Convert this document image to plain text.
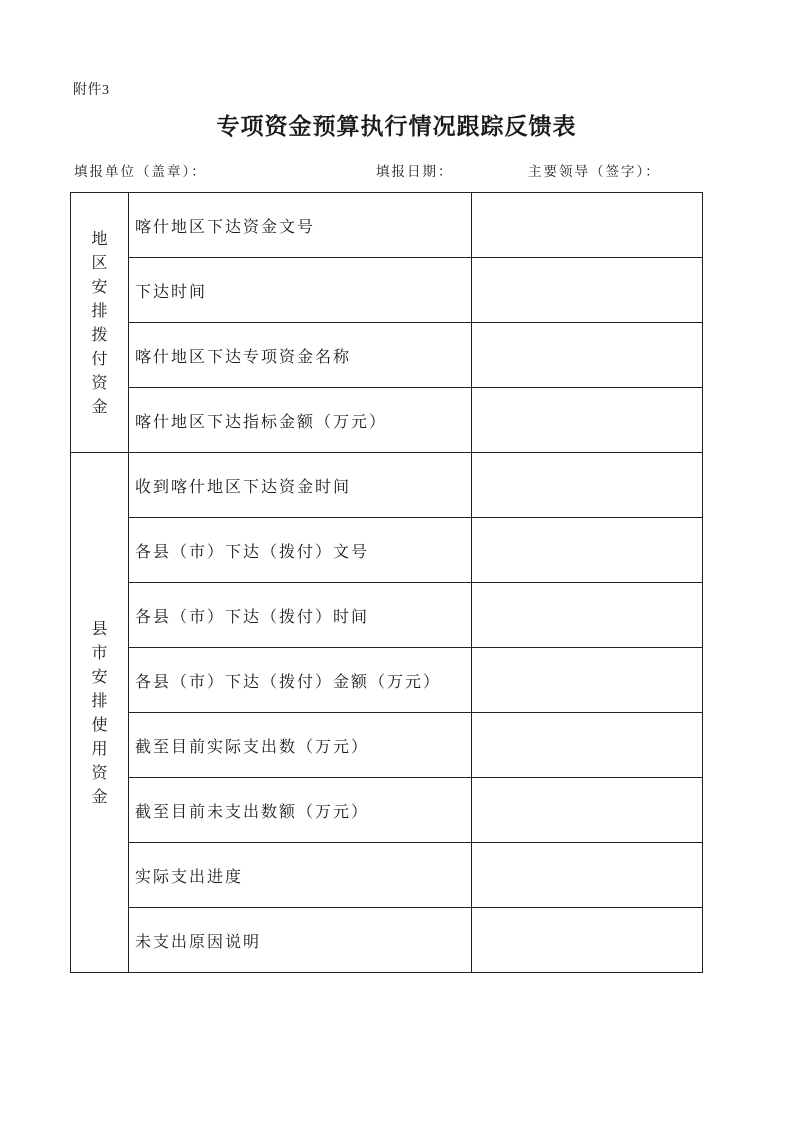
附件3
专项资金预算执行情况跟踪反馈表
填报单位（盖章）：	填报日期：	主要领导（签字）：
地区安排拨付资金	喀什地区下达资金文号	
	下达时间	
	喀什地区下达专项资金名称	
	喀什地区下达指标金额（万元）	
县市安排使用资金	收到喀什地区下达资金时间	
	各县（市）下达（拨付）文号	
	各县（市）下达（拨付）时间	
	各县（市）下达（拨付）金额（万元）	
	截至目前实际支出数（万元）	
	截至目前未支出数额（万元）	
	实际支出进度	
	未支出原因说明	
